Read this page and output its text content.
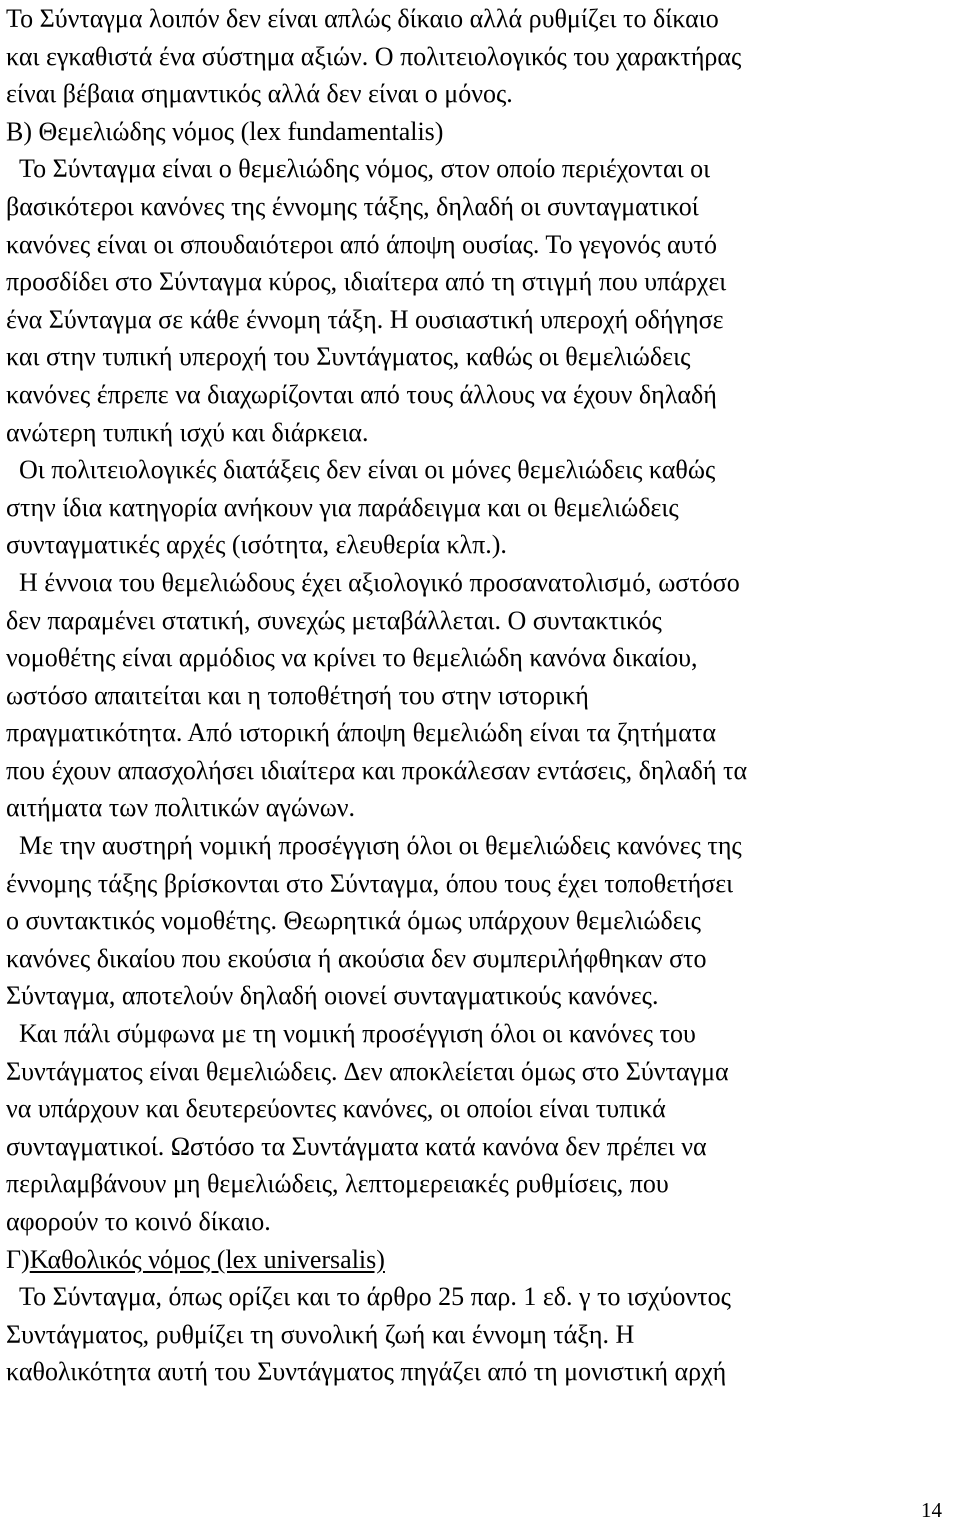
Το Σύνταγμα λοιπόν δεν είναι απλώς δίκαιο αλλά ρυθμίζει το δίκαιο
και εγκαθιστά ένα σύστημα αξιών. Ο πολιτειολογικός του χαρακτήρας
είναι βέβαια σημαντικός αλλά δεν είναι ο μόνος.
Β) Θεμελιώδης νόμος (lex fundamentalis)
Το Σύνταγμα είναι ο θεμελιώδης νόμος, στον οποίο περιέχονται οι
βασικότεροι κανόνες της έννομης τάξης, δηλαδή οι συνταγματικοί
κανόνες είναι οι σπουδαιότεροι από άποψη ουσίας. Το γεγονός αυτό
προσδίδει στο Σύνταγμα κύρος, ιδιαίτερα από τη στιγμή που υπάρχει
ένα Σύνταγμα σε κάθε έννομη τάξη. Η ουσιαστική υπεροχή οδήγησε
και στην τυπική υπεροχή του Συντάγματος, καθώς οι θεμελιώδεις
κανόνες έπρεπε να διαχωρίζονται από τους άλλους να έχουν δηλαδή
ανώτερη τυπική ισχύ και διάρκεια.
Οι πολιτειολογικές διατάξεις δεν είναι οι μόνες θεμελιώδεις καθώς
στην ίδια κατηγορία ανήκουν για παράδειγμα και οι θεμελιώδεις
συνταγματικές αρχές (ισότητα, ελευθερία κλπ.).
Η έννοια του θεμελιώδους έχει αξιολογικό προσανατολισμό, ωστόσο
δεν παραμένει στατική, συνεχώς μεταβάλλεται. Ο συντακτικός
νομοθέτης είναι αρμόδιος να κρίνει το θεμελιώδη κανόνα δικαίου,
ωστόσο απαιτείται και η τοποθέτησή του στην ιστορική
πραγματικότητα. Από ιστορική άποψη θεμελιώδη είναι τα ζητήματα
που έχουν απασχολήσει ιδιαίτερα και προκάλεσαν εντάσεις, δηλαδή τα
αιτήματα των πολιτικών αγώνων.
Με την αυστηρή νομική προσέγγιση όλοι οι θεμελιώδεις κανόνες της
έννομης τάξης βρίσκονται στο Σύνταγμα, όπου τους έχει τοποθετήσει
ο συντακτικός νομοθέτης. Θεωρητικά όμως υπάρχουν θεμελιώδεις
κανόνες δικαίου που εκούσια ή ακούσια δεν συμπεριλήφθηκαν στο
Σύνταγμα, αποτελούν δηλαδή οιονεί συνταγματικούς κανόνες.
Και πάλι σύμφωνα με τη νομική προσέγγιση όλοι οι κανόνες του
Συντάγματος είναι θεμελιώδεις. ∆εν αποκλείεται όμως στο Σύνταγμα
να υπάρχουν και δευτερεύοντες κανόνες, οι οποίοι είναι τυπικά
συνταγματικοί. Ωστόσο τα Συντάγματα κατά κανόνα δεν πρέπει να
περιλαμβάνουν μη θεμελιώδεις, λεπτομερειακές ρυθμίσεις, που
αφορούν το κοινό δίκαιο.
Γ)Καθολικός νόμος (lex universalis)
Το Σύνταγμα, όπως ορίζει και το άρθρο 25 παρ. 1 εδ. γ το ισχύοντος
Συντάγματος, ρυθμίζει τη συνολική ζωή και έννομη τάξη. Η
καθολικότητα αυτή του Συντάγματος πηγάζει από τη μονιστική αρχή
14
